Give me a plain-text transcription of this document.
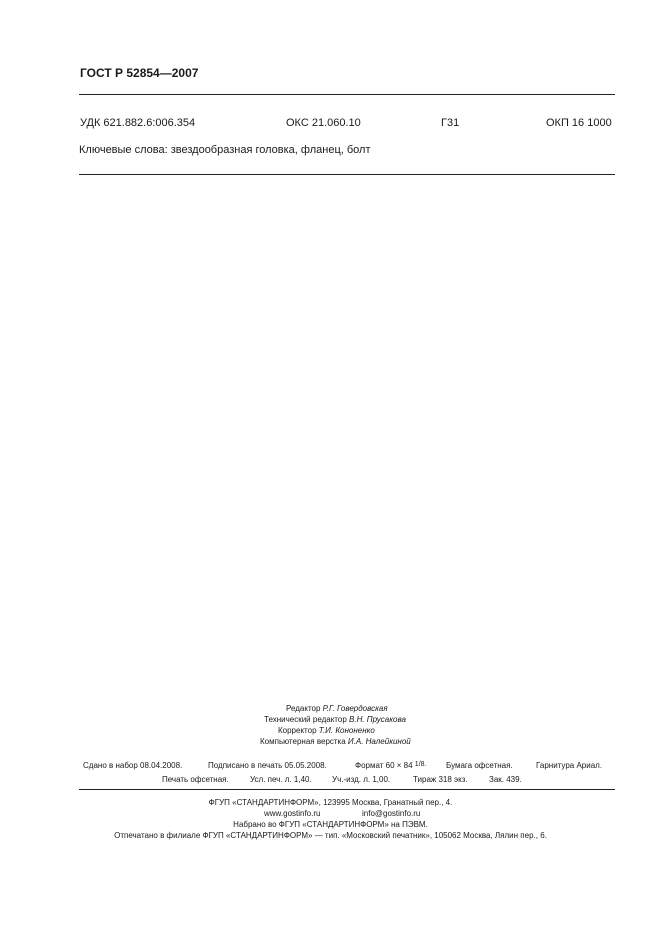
ГОСТ Р 52854—2007
УДК 621.882.6:006.354	ОКС 21.060.10	Г31	ОКП 16 1000
Ключевые слова: звездообразная головка, фланец, болт
Редактор Р.Г. Говердовская
Технический редактор В.Н. Прусакова
Корректор Т.И. Кононенко
Компьютерная верстка И.А. Налейкиной
Сдано в набор 08.04.2008.	Подписано в печать 05.05.2008.	Формат 60 × 84 1/8. Бумага офсетная.	Гарнитура Ариал.
Печать офсетная.	Усл. печ. л. 1,40.	Уч.-изд. л. 1,00.	Тираж 318 экз.	Зак. 439.
ФГУП «СТАНДАРТИНФОРМ», 123995 Москва, Гранатный пер., 4.
www.gostinfo.ru	info@gostinfo.ru
Набрано во ФГУП «СТАНДАРТИНФОРМ» на ПЭВМ.
Отпечатано в филиале ФГУП «СТАНДАРТИНФОРМ» — тип. «Московский печатник», 105062 Москва, Лялин пер., 6.
